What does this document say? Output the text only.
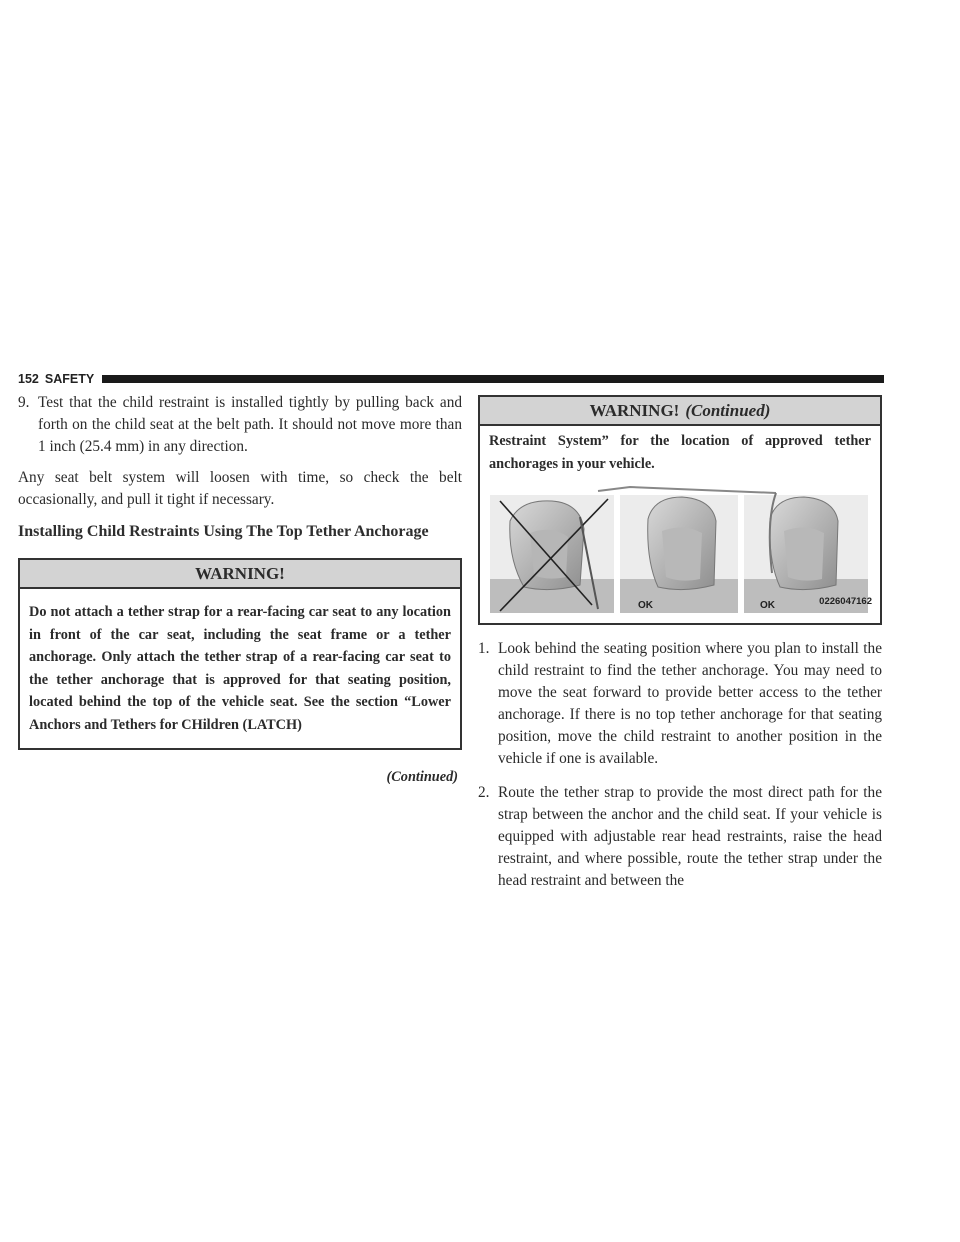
152 SAFETY
9. Test that the child restraint is installed tightly by pulling back and forth on the child seat at the belt path. It should not move more than 1 inch (25.4 mm) in any direction.
Any seat belt system will loosen with time, so check the belt occasionally, and pull it tight if necessary.
Installing Child Restraints Using The Top Tether Anchorage
WARNING!
Do not attach a tether strap for a rear-facing car seat to any location in front of the car seat, including the seat frame or a tether anchorage. Only attach the tether strap of a rear-facing car seat to the tether anchorage that is approved for that seating position, located behind the top of the vehicle seat. See the section “Lower Anchors and Tethers for CHildren (LATCH)
(Continued)
WARNING! (Continued)
Restraint System” for the location of approved tether anchorages in your vehicle.
OK	OK	0226047162
1. Look behind the seating position where you plan to install the child restraint to find the tether anchorage. You may need to move the seat forward to provide better access to the tether anchorage. If there is no top tether anchorage for that seating position, move the child restraint to another position in the vehicle if one is available.
2. Route the tether strap to provide the most direct path for the strap between the anchor and the child seat. If your vehicle is equipped with adjustable rear head restraints, raise the head restraint, and where possible, route the tether strap under the head restraint and between the
